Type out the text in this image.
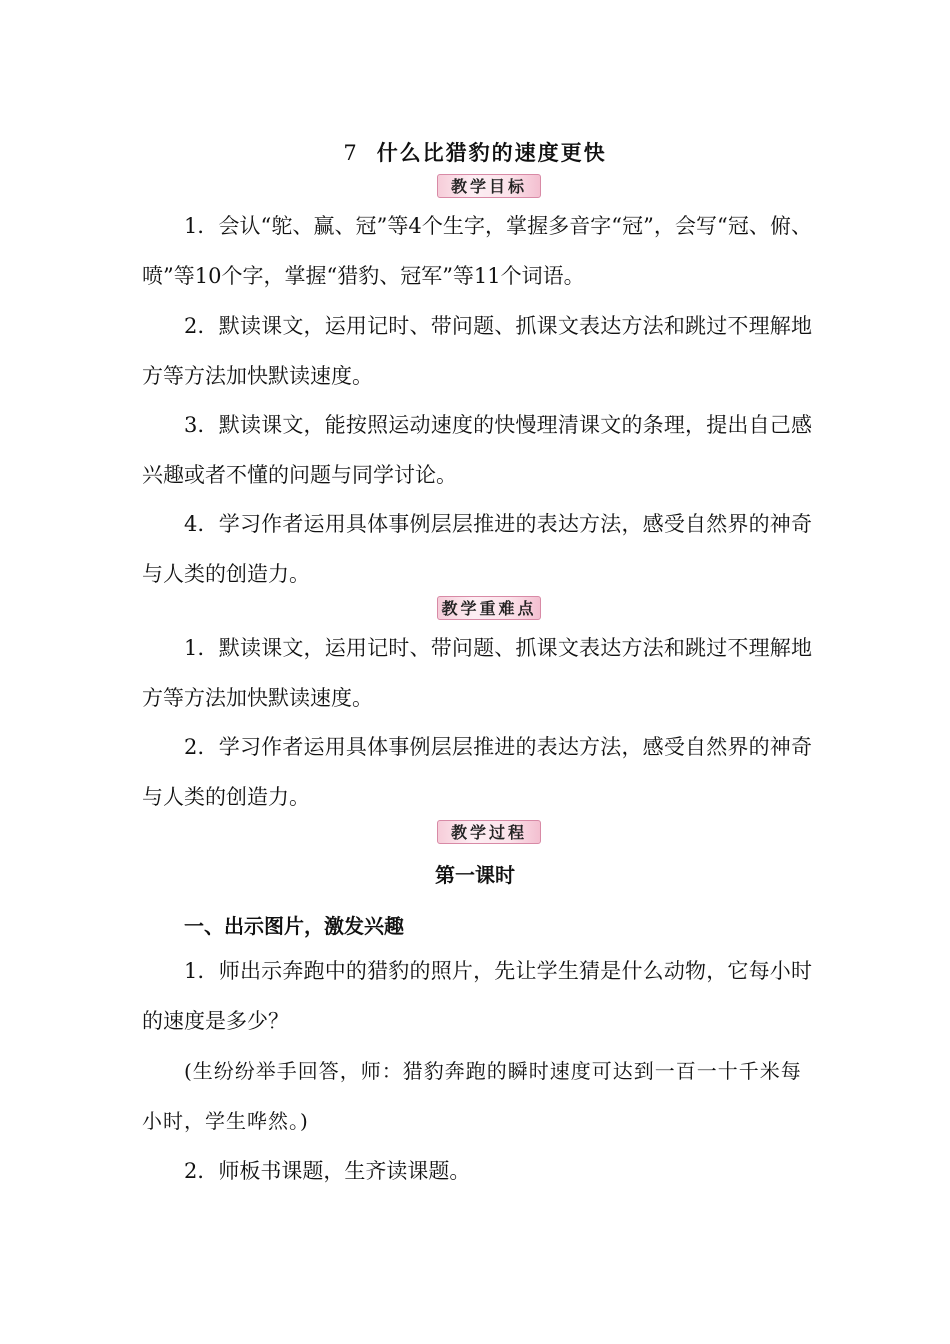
7 什么比猎豹的速度更快
教学目标

1．会认“鸵、赢、冠”等4个生字，掌握多音字“冠”，会写“冠、俯、喷”等10个字，掌握“猎豹、冠军”等11个词语。

2．默读课文，运用记时、带问题、抓课文表达方法和跳过不理解地方等方法加快默读速度。

3．默读课文，能按照运动速度的快慢理清课文的条理，提出自己感兴趣或者不懂的问题与同学讨论。

4．学习作者运用具体事例层层推进的表达方法，感受自然界的神奇与人类的创造力。

教学重难点

1．默读课文，运用记时、带问题、抓课文表达方法和跳过不理解地方等方法加快默读速度。

2．学习作者运用具体事例层层推进的表达方法，感受自然界的神奇与人类的创造力。

教学过程
第一课时
一、出示图片，激发兴趣

1．师出示奔跑中的猎豹的照片，先让学生猜是什么动物，它每小时的速度是多少？

(生纷纷举手回答，师：猎豹奔跑的瞬时速度可达到一百一十千米每小时，学生哗然。)

2．师板书课题，生齐读课题。
